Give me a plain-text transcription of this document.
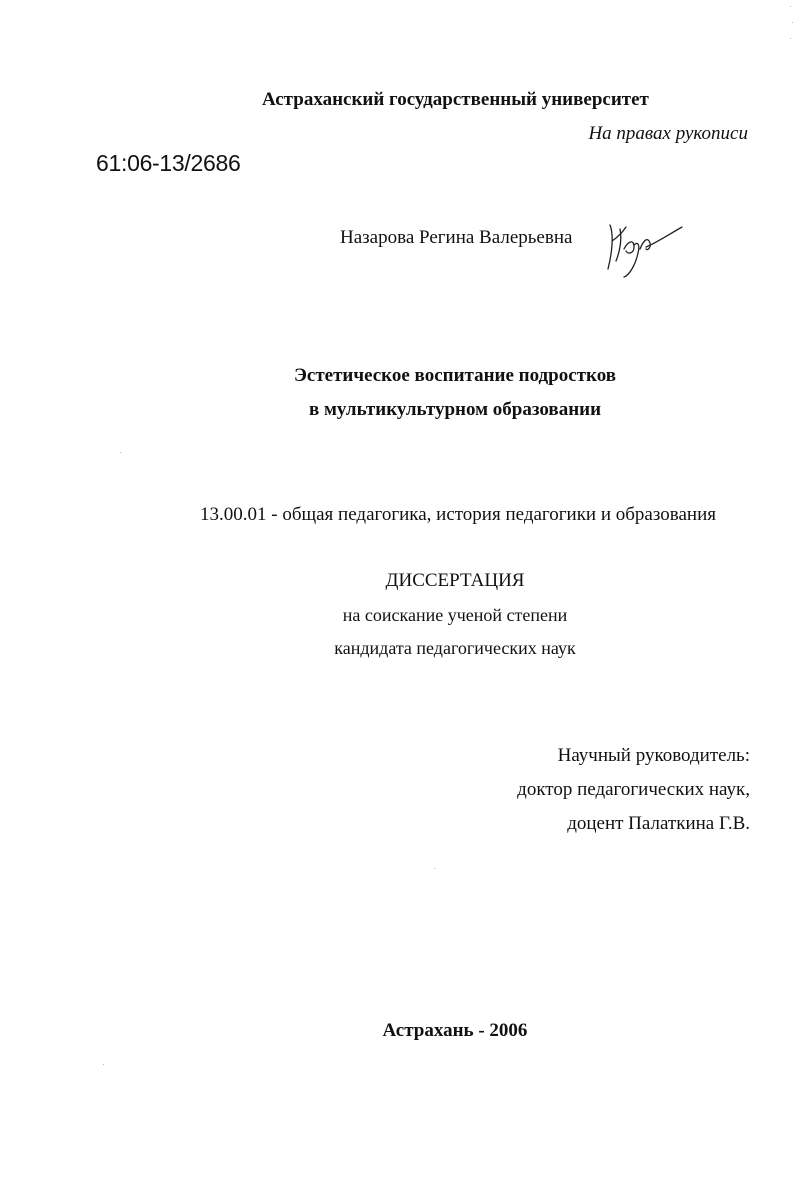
Астраханский государственный университет
На правах рукописи
61:06-13/2686
Назарова Регина Валерьевна
Эстетическое воспитание подростков
в мультикультурном образовании
13.00.01 - общая педагогика, история педагогики и образования
ДИССЕРТАЦИЯ
на соискание ученой степени
кандидата педагогических наук
Научный руководитель:
доктор педагогических наук,
доцент Палаткина Г.В.
Астрахань - 2006
